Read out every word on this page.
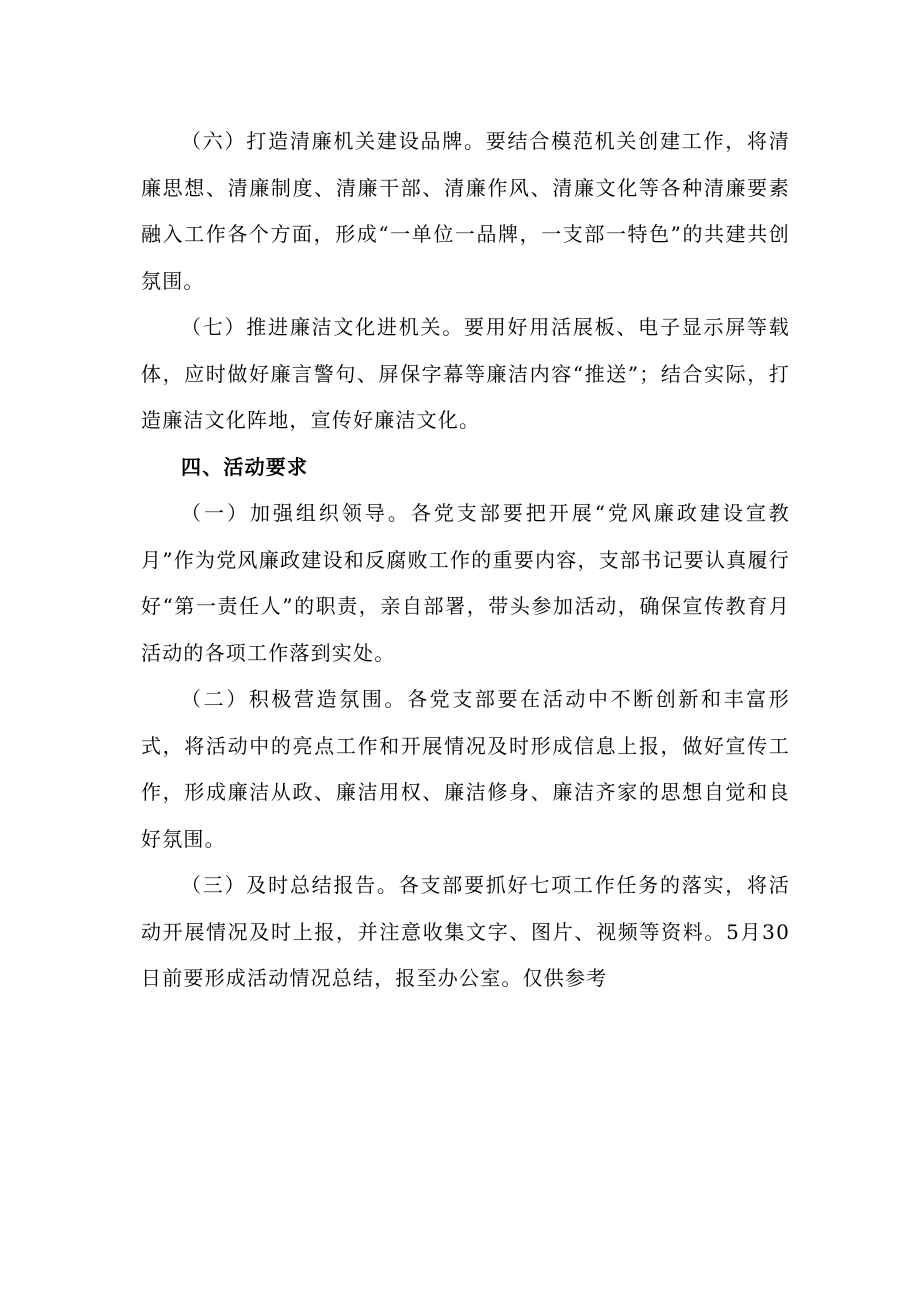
（六）打造清廉机关建设品牌。要结合模范机关创建工作，将清廉思想、清廉制度、清廉干部、清廉作风、清廉文化等各种清廉要素融入工作各个方面，形成“一单位一品牌，一支部一特色”的共建共创氛围。

（七）推进廉洁文化进机关。要用好用活展板、电子显示屏等载体，应时做好廉言警句、屏保字幕等廉洁内容“推送”；结合实际，打造廉洁文化阵地，宣传好廉洁文化。

四、活动要求

（一）加强组织领导。各党支部要把开展“党风廉政建设宣教月”作为党风廉政建设和反腐败工作的重要内容，支部书记要认真履行好“第一责任人”的职责，亲自部署，带头参加活动，确保宣传教育月活动的各项工作落到实处。

（二）积极营造氛围。各党支部要在活动中不断创新和丰富形式，将活动中的亮点工作和开展情况及时形成信息上报，做好宣传工作，形成廉洁从政、廉洁用权、廉洁修身、廉洁齐家的思想自觉和良好氛围。

（三）及时总结报告。各支部要抓好七项工作任务的落实，将活动开展情况及时上报，并注意收集文字、图片、视频等资料。5月30日前要形成活动情况总结，报至办公室。仅供参考
